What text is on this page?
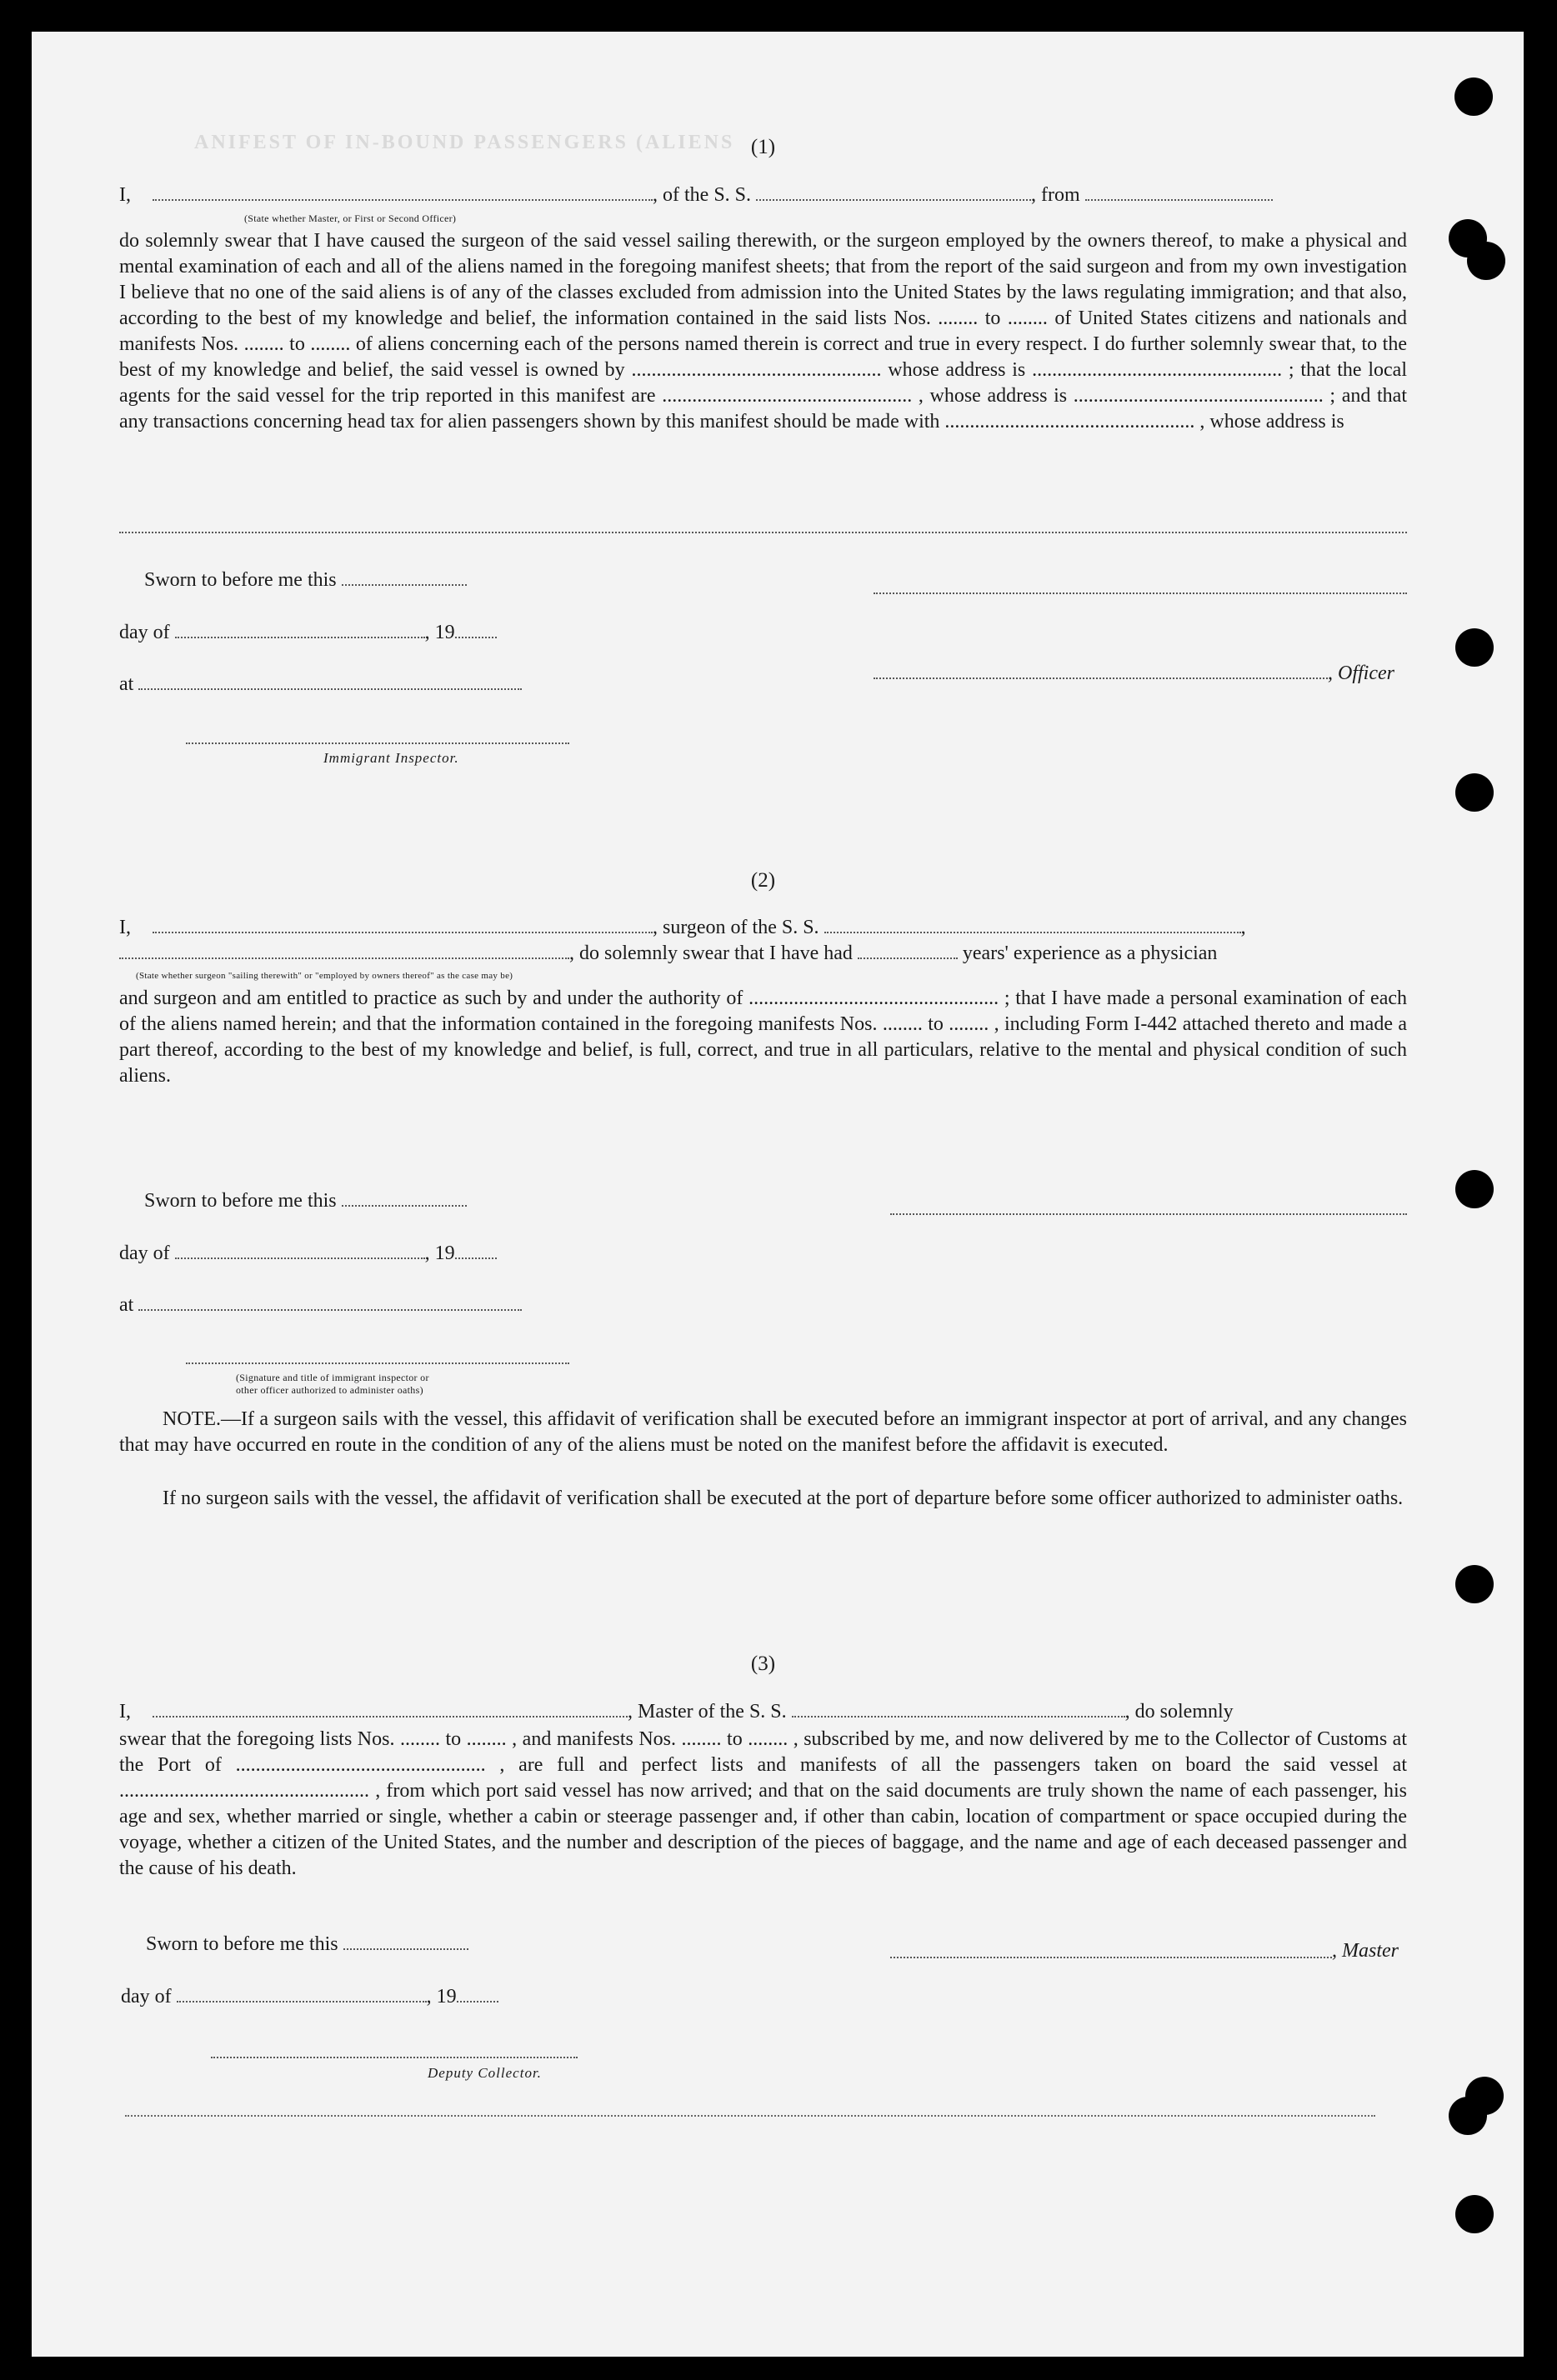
ANIFEST OF IN-BOUND PASSENGERS (ALIENS (1)
I,	, of the S. S.	, from
(State whether Master, or First or Second Officer)

do solemnly swear that I have caused the surgeon of the said vessel sailing therewith, or the surgeon employed by the owners thereof, to make a physical and mental examination of each and all of the aliens named in the foregoing manifest sheets; that from the report of the said surgeon and from my own investigation I believe that no one of the said aliens is of any of the classes excluded from admission into the United States by the laws regulating immigration; and that also, according to the best of my knowledge and belief, the information contained in the said lists Nos. ........ to ........ of United States citizens and nationals and manifests Nos. ........ to ........ of aliens concerning each of the persons named therein is correct and true in every respect. I do further solemnly swear that, to the best of my knowledge and belief, the said vessel is owned by .................................................. whose address is .................................................. ; that the local agents for the said vessel for the trip reported in this manifest are .................................................. , whose address is .................................................. ; and that any transactions concerning head tax for alien passengers shown by this manifest should be made with .................................................. , whose address is

Sworn to before me this
day of	, 19
, Officer
at
Immigrant Inspector.
(2)
I,	, surgeon of the S. S.	,
, do solemnly swear that I have had	years' experience as a physician
(State whether surgeon "sailing therewith" or "employed by owners thereof" as the case may be)

and surgeon and am entitled to practice as such by and under the authority of .................................................. ; that I have made a personal examination of each of the aliens named herein; and that the information contained in the foregoing manifests Nos. ........ to ........ , including Form I-442 attached thereto and made a part thereof, according to the best of my knowledge and belief, is full, correct, and true in all particulars, relative to the mental and physical condition of such aliens.

Sworn to before me this
day of	, 19
at
(Signature and title of immigrant inspector or
other officer authorized to administer oaths)

NOTE.—If a surgeon sails with the vessel, this affidavit of verification shall be executed before an immigrant inspector at port of arrival, and any changes that may have occurred en route in the condition of any of the aliens must be noted on the manifest before the affidavit is executed.

If no surgeon sails with the vessel, the affidavit of verification shall be executed at the port of departure before some officer authorized to administer oaths.

(3)
I,	, Master of the S. S.	, do solemnly

swear that the foregoing lists Nos. ........ to ........ , and manifests Nos. ........ to ........ , subscribed by me, and now delivered by me to the Collector of Customs at the Port of .................................................. , are full and perfect lists and manifests of all the passengers taken on board the said vessel at .................................................. , from which port said vessel has now arrived; and that on the said documents are truly shown the name of each passenger, his age and sex, whether married or single, whether a cabin or steerage passenger and, if other than cabin, location of compartment or space occupied during the voyage, whether a citizen of the United States, and the number and description of the pieces of baggage, and the name and age of each deceased passenger and the cause of his death.

Sworn to before me this	, Master
day of	, 19
Deputy Collector.
